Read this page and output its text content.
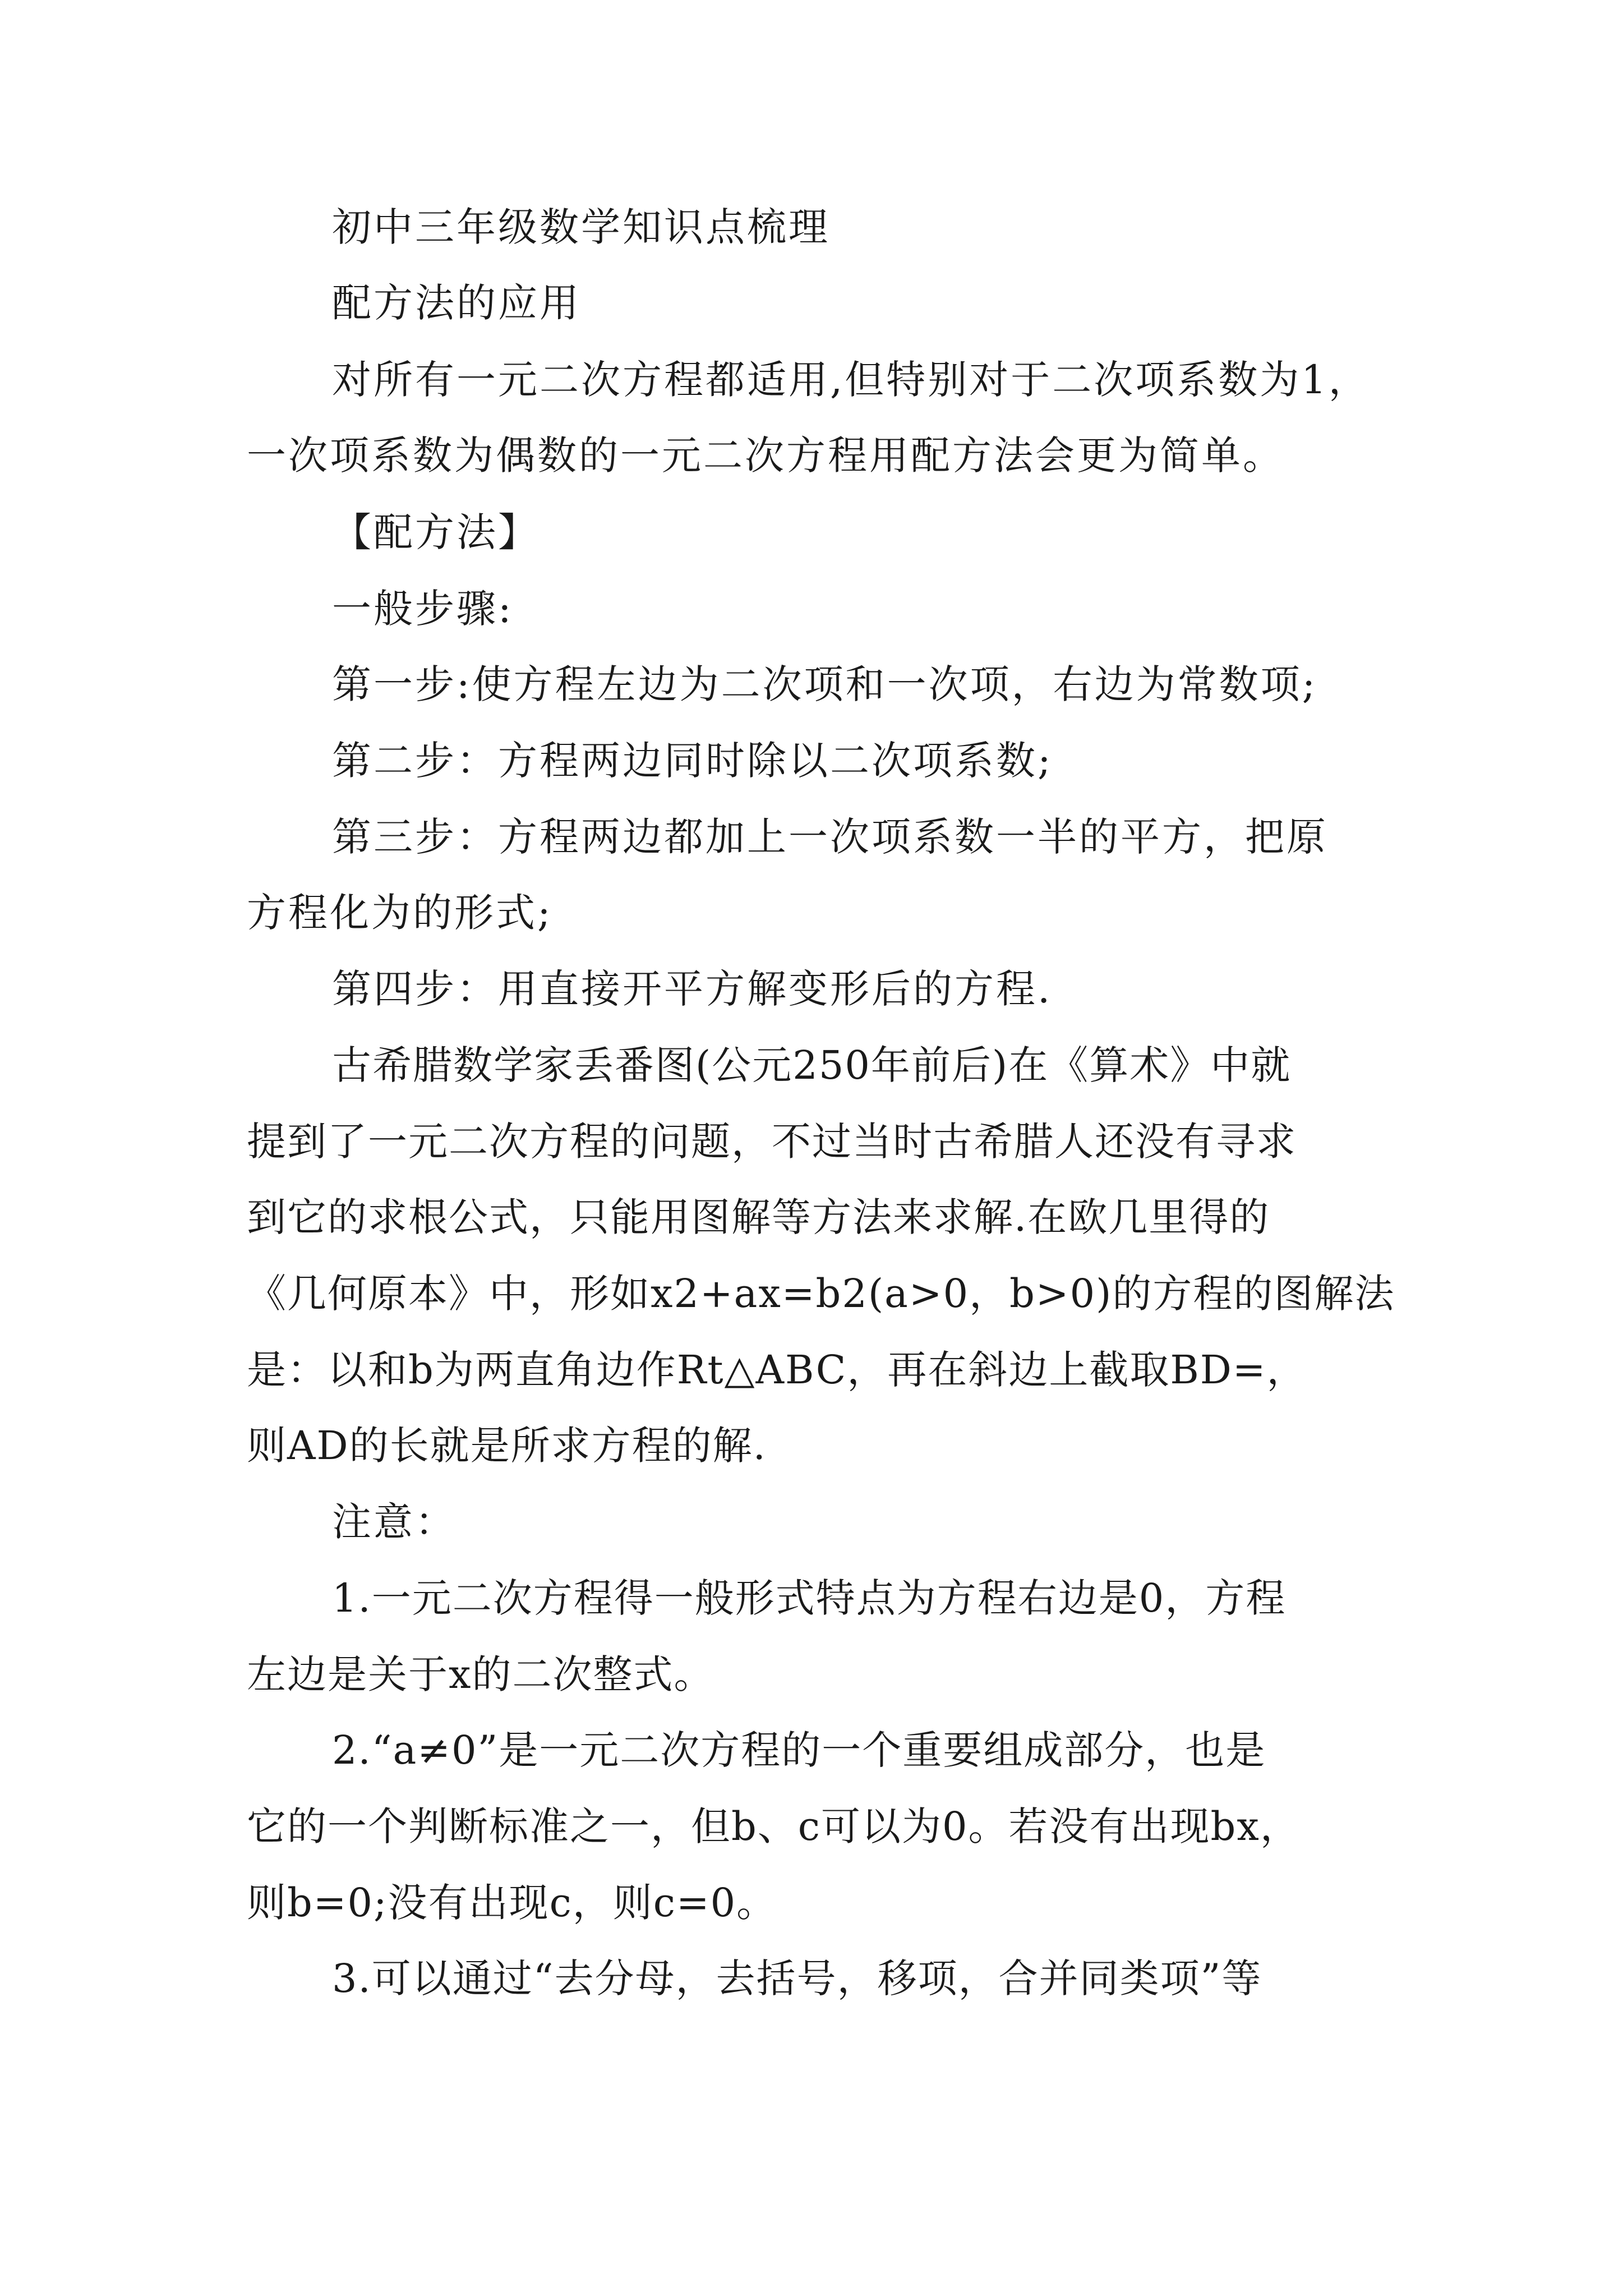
初中三年级数学知识点梳理
配方法的应用
对所有一元二次方程都适用,但特别对于二次项系数为1，
一次项系数为偶数的一元二次方程用配方法会更为简单。
【配方法】
一般步骤:
第一步:使方程左边为二次项和一次项，右边为常数项;
第二步：方程两边同时除以二次项系数;
第三步：方程两边都加上一次项系数一半的平方，把原
方程化为的形式;
第四步：用直接开平方解变形后的方程.
古希腊数学家丢番图(公元250年前后)在《算术》中就
提到了一元二次方程的问题，不过当时古希腊人还没有寻求
到它的求根公式，只能用图解等方法来求解.在欧几里得的
《几何原本》中，形如x2+ax=b2(a>0，b>0)的方程的图解法
是：以和b为两直角边作Rt△ABC，再在斜边上截取BD=，
则AD的长就是所求方程的解.
注意：
1.一元二次方程得一般形式特点为方程右边是0，方程
左边是关于x的二次整式。
2.“a≠0”是一元二次方程的一个重要组成部分，也是
它的一个判断标准之一，但b、c可以为0。若没有出现bx，
则b=0;没有出现c，则c=0。
3.可以通过“去分母，去括号，移项，合并同类项”等
